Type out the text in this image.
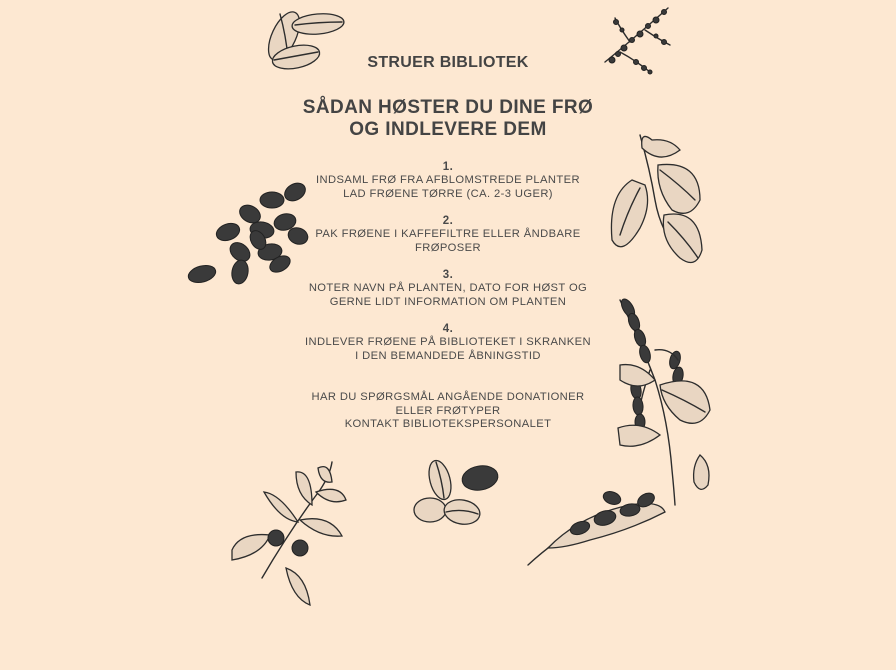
STRUER BIBLIOTEK
SÅDAN HØSTER DU DINE FRØ
OG INDLEVERE DEM
1.
INDSAML FRØ FRA AFBLOMSTREDE PLANTER
LAD FRØENE TØRRE (CA. 2-3 UGER)
2.
PAK FRØENE I KAFFEFILTRE ELLER ÅNDBARE
FRØPOSER
3.
NOTER NAVN PÅ PLANTEN, DATO FOR HØST OG
GERNE LIDT INFORMATION OM PLANTEN
4.
INDLEVER FRØENE PÅ BIBLIOTEKET I SKRANKEN
I DEN BEMANDEDE ÅBNINGSTID
HAR DU SPØRGSMÅL ANGÅENDE DONATIONER
ELLER FRØTYPER
KONTAKT BIBLIOTEKSPERSONALET
